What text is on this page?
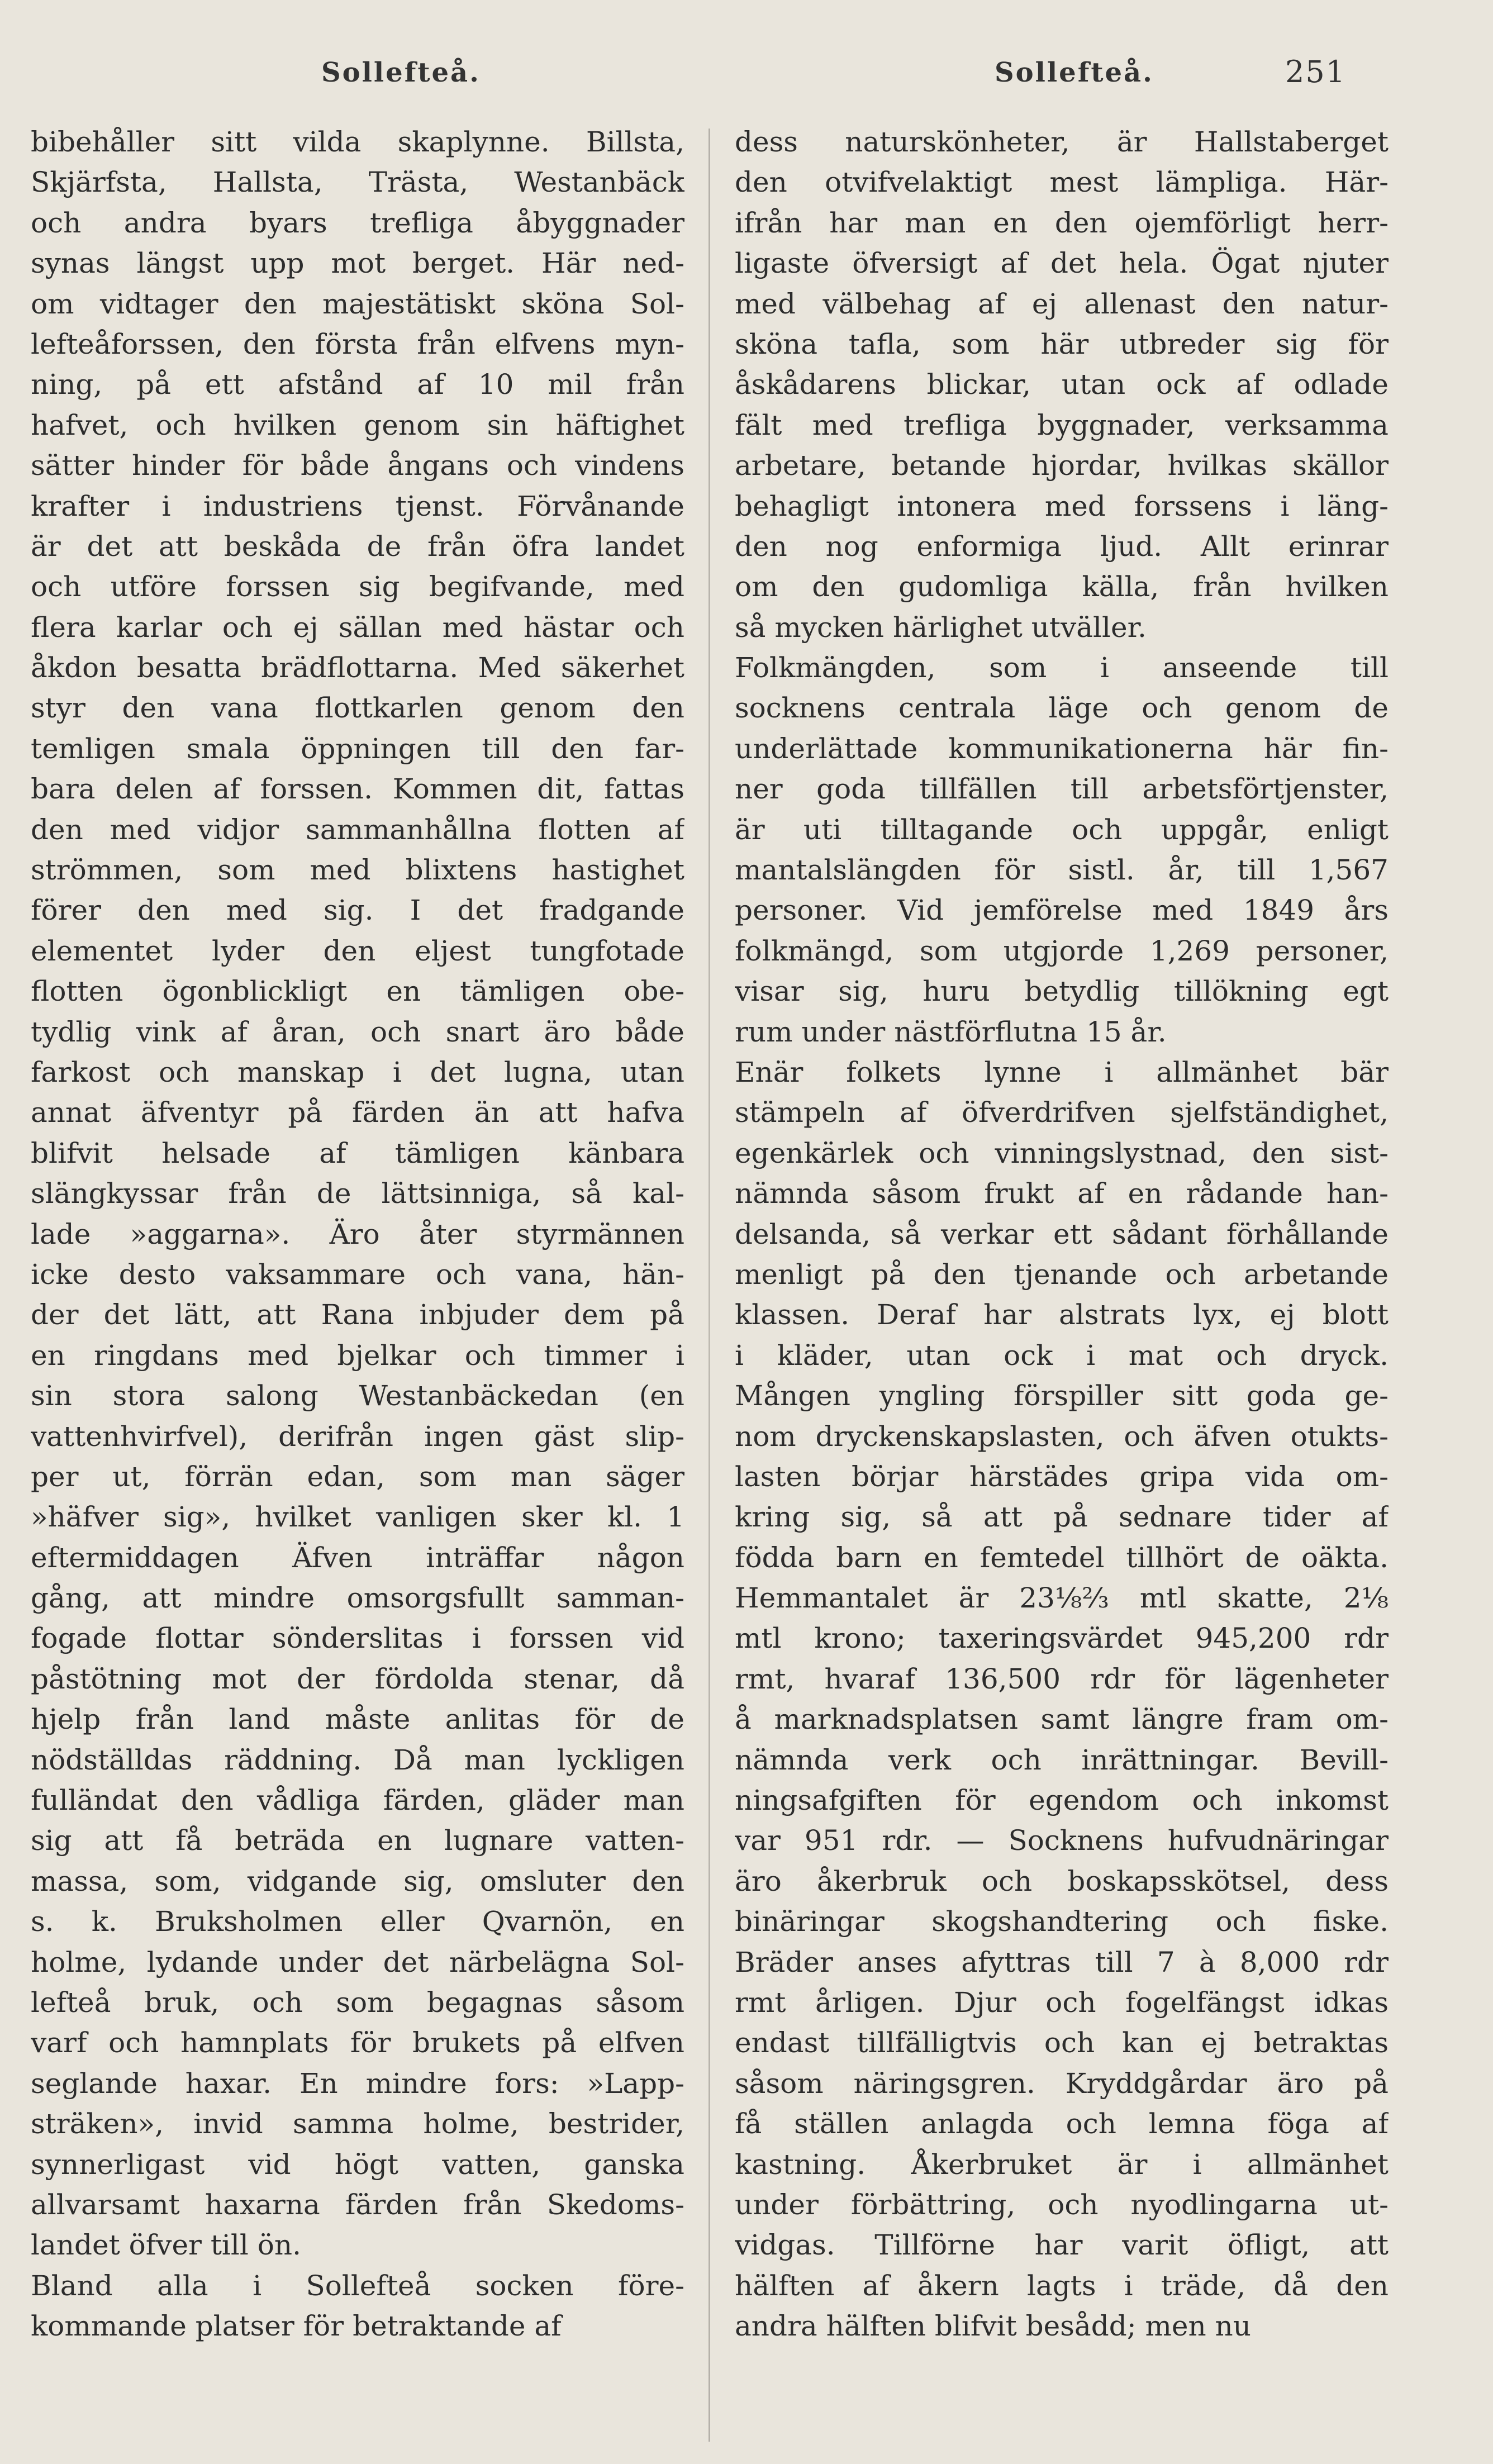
Sollefteå.	Sollefteå.	251
bibehåller sitt vilda skaplynne. Billsta,
Skjärfsta, Hallsta, Trästa, Westanbäck
och andra byars trefliga åbyggnader
synas längst upp mot berget. Här ned-
om vidtager den majestätiskt sköna Sol-
lefteåforssen, den första från elfvens myn-
ning, på ett afstånd af 10 mil från
hafvet, och hvilken genom sin häftighet
sätter hinder för både ångans och vindens
krafter i industriens tjenst. Förvånande
är det att beskåda de från öfra landet
och utföre forssen sig begifvande, med
flera karlar och ej sällan med hästar och
åkdon besatta brädflottarna. Med säkerhet
styr den vana flottkarlen genom den
temligen smala öppningen till den far-
bara delen af forssen. Kommen dit, fattas
den med vidjor sammanhållna flotten af
strömmen, som med blixtens hastighet
förer den med sig. I det fradgande
elementet lyder den eljest tungfotade
flotten ögonblickligt en tämligen obe-
tydlig vink af åran, och snart äro både
farkost och manskap i det lugna, utan
annat äfventyr på färden än att hafva
blifvit helsade af tämligen känbara
slängkyssar från de lättsinniga, så kal-
lade »aggarna». Äro åter styrmännen
icke desto vaksammare och vana, hän-
der det lätt, att Rana inbjuder dem på
en ringdans med bjelkar och timmer i
sin stora salong Westanbäckedan (en
vattenhvirfvel), derifrån ingen gäst slip-
per ut, förrän edan, som man säger
»häfver sig», hvilket vanligen sker kl. 1
eftermiddagen Äfven inträffar någon
gång, att mindre omsorgsfullt samman-
fogade flottar sönderslitas i forssen vid
påstötning mot der fördolda stenar, då
hjelp från land måste anlitas för de
nödställdas räddning. Då man lyckligen
fulländat den vådliga färden, gläder man
sig att få beträda en lugnare vatten-
massa, som, vidgande sig, omsluter den
s. k. Bruksholmen eller Qvarnön, en
holme, lydande under det närbelägna Sol-
lefteå bruk, och som begagnas såsom
varf och hamnplats för brukets på elfven
seglande haxar. En mindre fors: »Lapp-
sträken», invid samma holme, bestrider,
synnerligast vid högt vatten, ganska
allvarsamt haxarna färden från Skedoms-
landet öfver till ön.
Bland alla i Sollefteå socken före-
kommande platser för betraktande af
dess naturskönheter, är Hallstaberget
den otvifvelaktigt mest lämpliga. Här-
ifrån har man en den ojemförligt herr-
ligaste öfversigt af det hela. Ögat njuter
med välbehag af ej allenast den natur-
sköna tafla, som här utbreder sig för
åskådarens blickar, utan ock af odlade
fält med trefliga byggnader, verksamma
arbetare, betande hjordar, hvilkas skällor
behagligt intonera med forssens i läng-
den nog enformiga ljud. Allt erinrar
om den gudomliga källa, från hvilken
så mycken härlighet utväller.
Folkmängden, som i anseende till
socknens centrala läge och genom de
underlättade kommunikationerna här fin-
ner goda tillfällen till arbetsförtjenster,
är uti tilltagande och uppgår, enligt
mantalslängden för sistl. år, till 1,567
personer. Vid jemförelse med 1849 års
folkmängd, som utgjorde 1,269 personer,
visar sig, huru betydlig tillökning egt
rum under nästförflutna 15 år.
Enär folkets lynne i allmänhet bär
stämpeln af öfverdrifven sjelfständighet,
egenkärlek och vinningslystnad, den sist-
nämnda såsom frukt af en rådande han-
delsanda, så verkar ett sådant förhållande
menligt på den tjenande och arbetande
klassen. Deraf har alstrats lyx, ej blott
i kläder, utan ock i mat och dryck.
Mången yngling förspiller sitt goda ge-
nom dryckenskapslasten, och äfven otukts-
lasten börjar härstädes gripa vida om-
kring sig, så att på sednare tider af
födda barn en femtedel tillhört de oäkta.
Hemmantalet är 23⅛⅔ mtl skatte, 2⅛
mtl krono; taxeringsvärdet 945,200 rdr
rmt, hvaraf 136,500 rdr för lägenheter
å marknadsplatsen samt längre fram om-
nämnda verk och inrättningar. Bevill-
ningsafgiften för egendom och inkomst
var 951 rdr. — Socknens hufvudnäringar
äro åkerbruk och boskapsskötsel, dess
binäringar skogshandtering och fiske.
Bräder anses afyttras till 7 à 8,000 rdr
rmt årligen. Djur och fogelfängst idkas
endast tillfälligtvis och kan ej betraktas
såsom näringsgren. Kryddgårdar äro på
få ställen anlagda och lemna föga af
kastning. Åkerbruket är i allmänhet
under förbättring, och nyodlingarna ut-
vidgas. Tillförne har varit öfligt, att
hälften af åkern lagts i träde, då den
andra hälften blifvit besådd; men nu
